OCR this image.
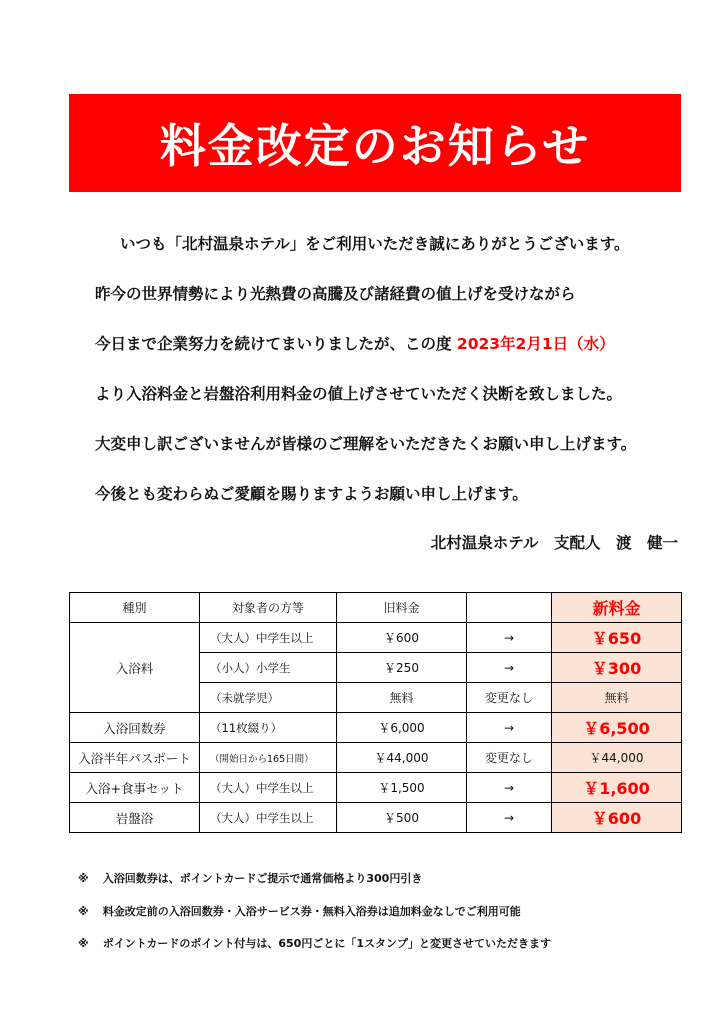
料金改定のお知らせ
いつも「北村温泉ホテル」をご利用いただき誠にありがとうございます。
昨今の世界情勢により光熱費の高騰及び諸経費の値上げを受けながら
今日まで企業努力を続けてまいりましたが、この度 2023年2月1日（水）
より入浴料金と岩盤浴利用料金の値上げさせていただく決断を致しました。
大変申し訳ございませんが皆様のご理解をいただきたくお願い申し上げます。
今後とも変わらぬご愛顧を賜りますようお願い申し上げます。
北村温泉ホテル　支配人　渡　健一
種別	対象者の方等	旧料金		新料金
入浴料	（大人）中学生以上	￥600	→	￥650
	（小人）小学生	￥250	→	￥300
	（未就学児）	無料	変更なし	無料
入浴回数券	（11枚綴り）	￥6,000	→	￥6,500
入浴半年パスポート	（開始日から165日間）	￥44,000	変更なし	￥44,000
入浴+食事セット	（大人）中学生以上	￥1,500	→	￥1,600
岩盤浴	（大人）中学生以上	￥500	→	￥600
※ 入浴回数券は、ポイントカードご提示で通常価格より300円引き
※ 料金改定前の入浴回数券・入浴サービス券・無料入浴券は追加料金なしでご利用可能
※ ポイントカードのポイント付与は、650円ごとに「1スタンプ」と変更させていただきます
